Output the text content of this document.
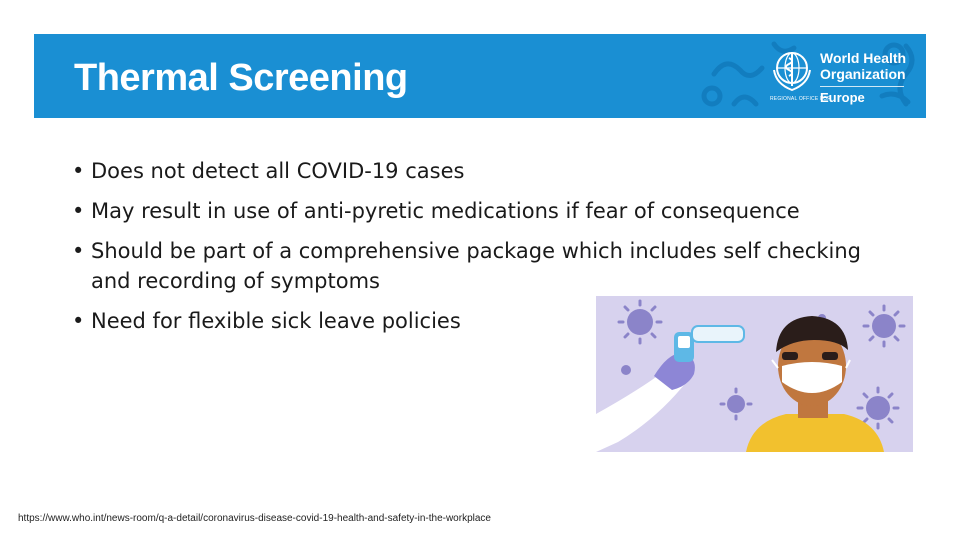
Thermal Screening	World Health
Organization
REGIONAL OFFICE FOR
Europe
• Does not detect all COVID-19 cases
• May result in use of anti-pyretic medications if fear of consequence
• Should be part of a comprehensive package which includes self checking and recording of symptoms
• Need for flexible sick leave policies
https://www.who.int/news-room/q-a-detail/coronavirus-disease-covid-19-health-and-safety-in-the-workplace
